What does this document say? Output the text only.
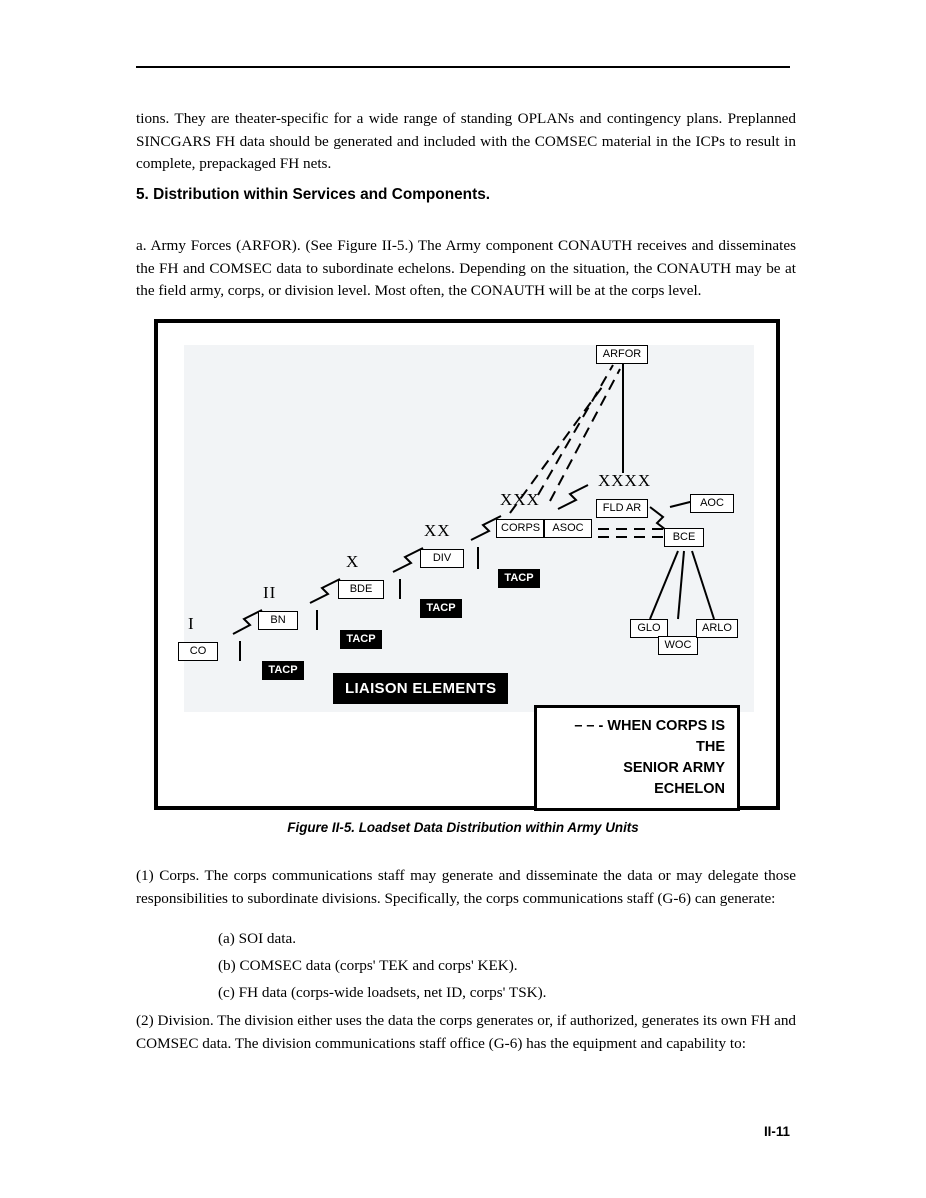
tions. They are theater-specific for a wide range of standing OPLANs and contingency plans. Preplanned SINCGARS FH data should be generated and included with the COMSEC material in the ICPs to result in complete, prepackaged FH nets.
5. Distribution within Services and Components.
a. Army Forces (ARFOR). (See Figure II-5.) The Army component CONAUTH receives and disseminates the FH and COMSEC data to subordinate echelons. Depending on the situation, the CONAUTH may be at the field army, corps, or division level. Most often, the CONAUTH will be at the corps level.
ARFOR
XXXX
FLD AR	AOC
BCE
XXX
CORPS	ASOC
TACP
XX
DIV
TACP
X
BDE
TACP
II
BN
TACP
I
CO
GLO
WOC
ARLO
LIAISON ELEMENTS
– – - WHEN CORPS IS THE
SENIOR ARMY ECHELON
Figure II-5. Loadset Data Distribution within Army Units
(1) Corps. The corps communications staff may generate and disseminate the data or may delegate those responsibilities to subordinate divisions. Specifically, the corps communications staff (G-6) can generate:
(a) SOI data.
(b) COMSEC data (corps' TEK and corps' KEK).
(c) FH data (corps-wide loadsets, net ID, corps' TSK).
(2) Division. The division either uses the data the corps generates or, if authorized, generates its own FH and COMSEC data. The division communications staff office (G-6) has the equipment and capability to:
II-11
